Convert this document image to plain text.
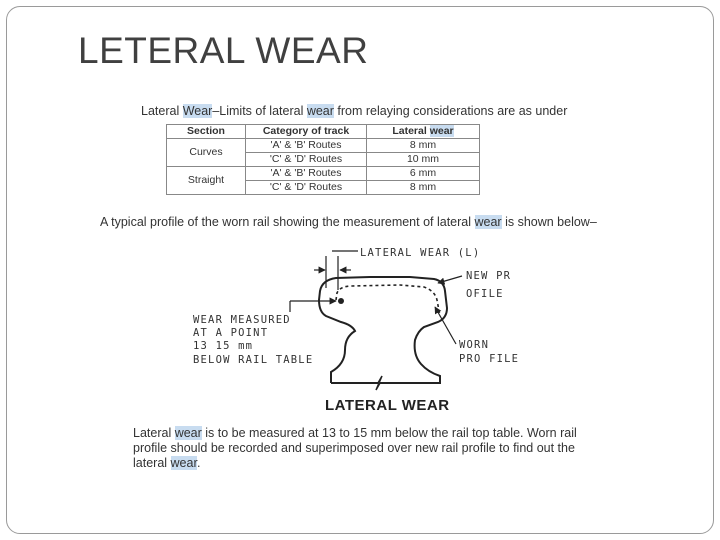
LETERAL WEAR
Lateral Wear–Limits of lateral wear from relaying considerations are as under
Section	Category of track	Lateral wear
Curves	'A' & 'B' Routes	8 mm
	'C' & 'D' Routes	10 mm
Straight	'A' & 'B' Routes	6 mm
	'C' & 'D' Routes	8 mm
A typical profile of the worn rail showing the measurement of lateral wear is shown below–
LATERAL WEAR (L)
NEW PR
OFILE
WEAR MEASURED
AT A POINT
13 15 mm
BELOW RAIL TABLE
WORN
PRO FILE
LATERAL WEAR
Lateral wear is to be measured at 13 to 15 mm below the rail top table. Worn rail
profile should be recorded and superimposed over new rail profile to find out the
lateral wear.
